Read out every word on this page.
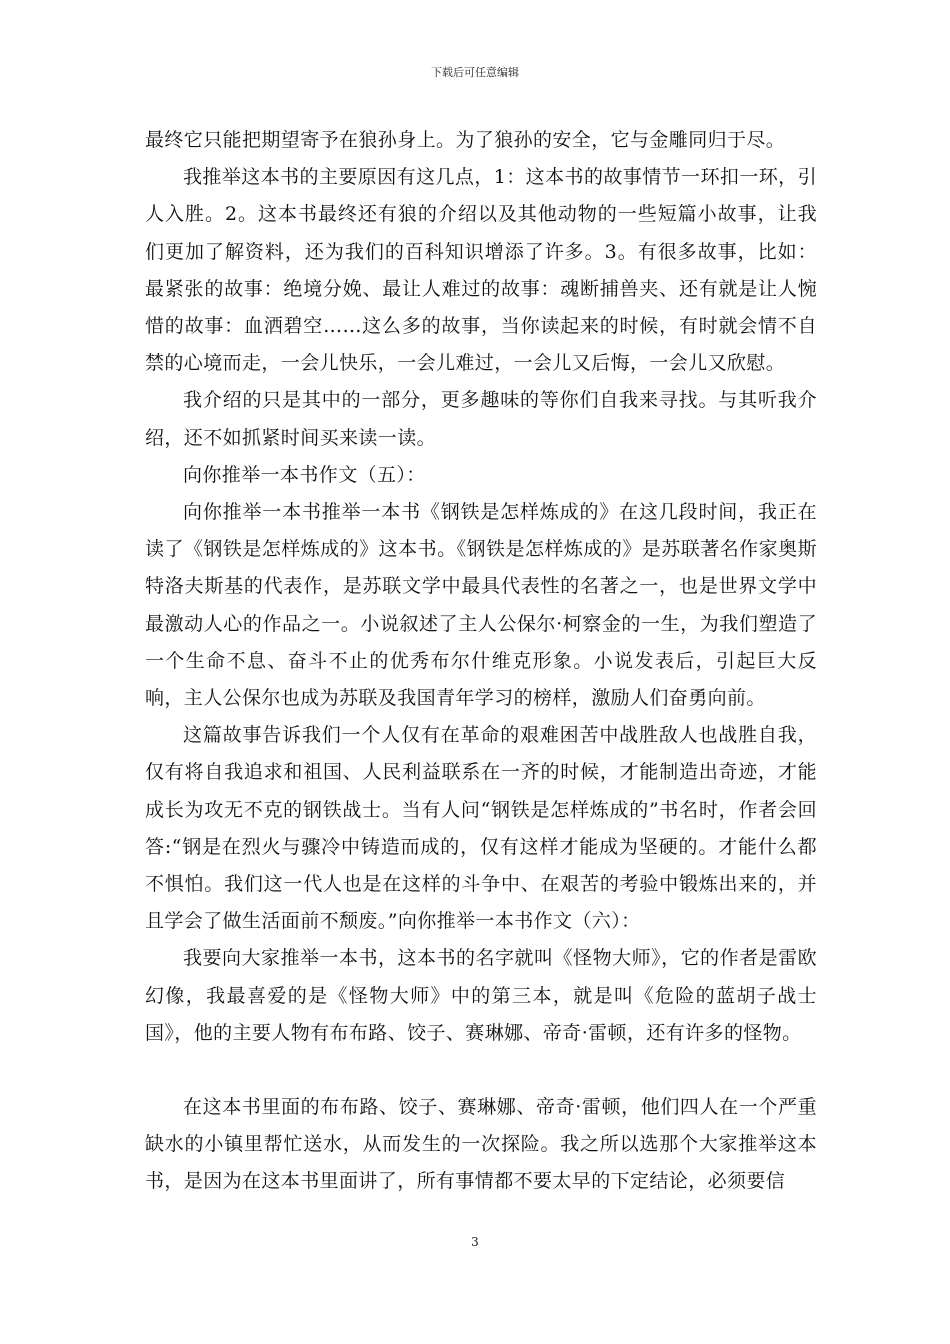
下载后可任意编辑

最终它只能把期望寄予在狼孙身上。为了狼孙的安全，它与金雕同归于尽。

我推举这本书的主要原因有这几点，1：这本书的故事情节一环扣一环，引人入胜。2。这本书最终还有狼的介绍以及其他动物的一些短篇小故事，让我们更加了解资料，还为我们的百科知识增添了许多。3。有很多故事，比如：最紧张的故事：绝境分娩、最让人难过的故事：魂断捕兽夹、还有就是让人惋惜的故事：血洒碧空……这么多的故事，当你读起来的时候，有时就会情不自禁的心境而走，一会儿快乐，一会儿难过，一会儿又后悔，一会儿又欣慰。

我介绍的只是其中的一部分，更多趣味的等你们自我来寻找。与其听我介绍，还不如抓紧时间买来读一读。

向你推举一本书作文（五）：

向你推举一本书推举一本书《钢铁是怎样炼成的》在这几段时间，我正在读了《钢铁是怎样炼成的》这本书。《钢铁是怎样炼成的》是苏联著名作家奥斯特洛夫斯基的代表作，是苏联文学中最具代表性的名著之一，也是世界文学中最激动人心的作品之一。小说叙述了主人公保尔·柯察金的一生，为我们塑造了一个生命不息、奋斗不止的优秀布尔什维克形象。小说发表后，引起巨大反响，主人公保尔也成为苏联及我国青年学习的榜样，激励人们奋勇向前。

这篇故事告诉我们一个人仅有在革命的艰难困苦中战胜敌人也战胜自我，仅有将自我追求和祖国、人民利益联系在一齐的时候，才能制造出奇迹，才能成长为攻无不克的钢铁战士。当有人问“钢铁是怎样炼成的”书名时，作者会回答:“钢是在烈火与骤冷中铸造而成的，仅有这样才能成为坚硬的。才能什么都不惧怕。我们这一代人也是在这样的斗争中、在艰苦的考验中锻炼出来的，并且学会了做生活面前不颓废。”向你推举一本书作文（六）：

我要向大家推举一本书，这本书的名字就叫《怪物大师》，它的作者是雷欧幻像，我最喜爱的是《怪物大师》中的第三本，就是叫《危险的蓝胡子战士国》，他的主要人物有布布路、饺子、赛琳娜、帝奇·雷顿，还有许多的怪物。

在这本书里面的布布路、饺子、赛琳娜、帝奇·雷顿，他们四人在一个严重缺水的小镇里帮忙送水，从而发生的一次探险。我之所以选那个大家推举这本书，是因为在这本书里面讲了，所有事情都不要太早的下定结论，必须要信

3
